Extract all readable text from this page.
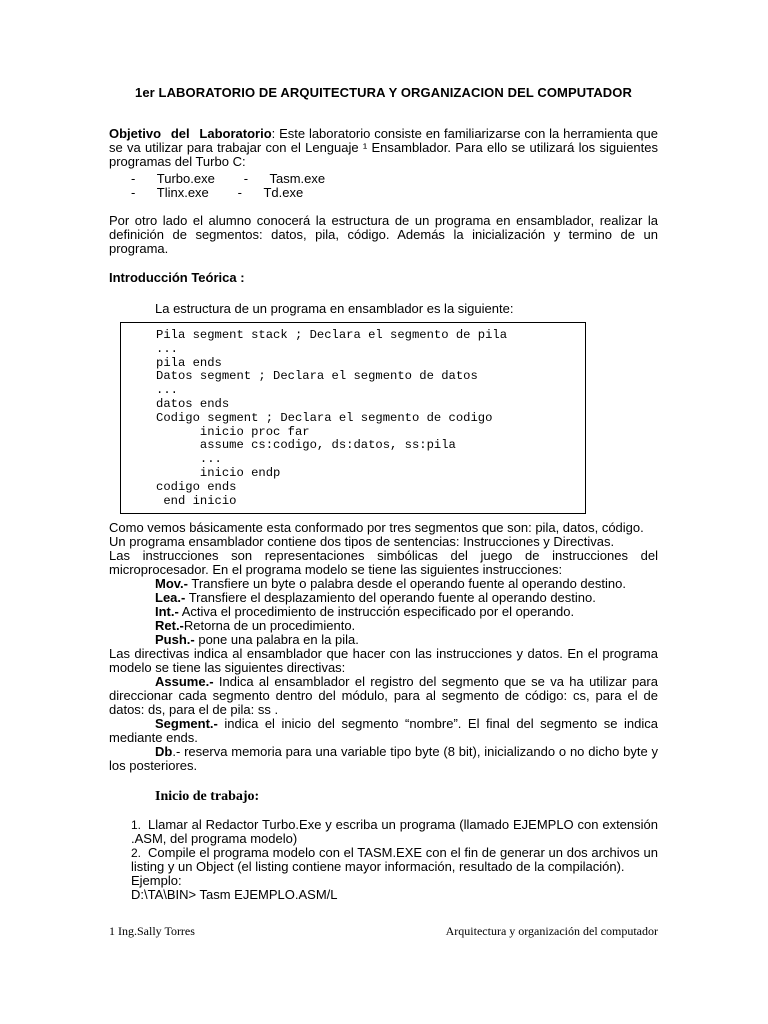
1er LABORATORIO DE ARQUITECTURA Y ORGANIZACION DEL COMPUTADOR

Objetivo del Laboratorio: Este laboratorio consiste en familiarizarse con la herramienta que se va utilizar para trabajar con el Lenguaje ¹ Ensamblador. Para ello se utilizará los siguientes programas del Turbo C:

-      Turbo.exe        -      Tasm.exe
-      Tlinx.exe        -      Td.exe

Por otro lado el alumno conocerá la estructura de un programa en ensamblador, realizar la definición de segmentos: datos, pila, código. Además la inicialización y termino de un programa.

Introducción Teórica :
La estructura de un programa en ensamblador es la siguiente:
Pila segment stack ; Declara el segmento de pila
...
pila ends
Datos segment ; Declara el segmento de datos
...
datos ends
Codigo segment ; Declara el segmento de codigo
inicio proc far
assume cs:codigo, ds:datos, ss:pila
...
inicio endp
codigo ends
end inicio

Como vemos básicamente esta conformado por tres segmentos que son: pila, datos, código.

Un programa ensamblador contiene dos tipos de sentencias: Instrucciones y Directivas.

Las instrucciones son representaciones simbólicas del juego de instrucciones del microprocesador. En el programa modelo se tiene las siguientes instrucciones:

Mov.- Transfiere un byte o palabra desde el operando fuente al operando destino.
Lea.- Transfiere el desplazamiento del operando fuente al operando destino.
Int.- Activa el procedimiento de instrucción especificado por el operando.
Ret.-Retorna de un procedimiento.
Push.- pone una palabra en la pila.

Las directivas indica al ensamblador que hacer con las instrucciones y datos. En el programa modelo se tiene las siguientes directivas:

Assume.- Indica al ensamblador el registro del segmento que se va ha utilizar para direccionar cada segmento dentro del módulo, para al segmento de código: cs, para el de datos: ds, para el de pila: ss .

Segment.- indica el inicio del segmento “nombre”. El final del segmento se indica mediante ends.

Db.- reserva memoria para una variable tipo byte (8 bit), inicializando o no dicho byte y los posteriores.

Inicio de trabajo:
1. Llamar al Redactor Turbo.Exe y escriba un programa (llamado EJEMPLO con extensión .ASM, del programa modelo)
2. Compile el programa modelo con el TASM.EXE con el fin de generar un dos archivos un listing y un Object (el listing contiene mayor información, resultado de la compilación).
Ejemplo:
D:\TA\BIN> Tasm EJEMPLO.ASM/L
1 Ing.Sally Torres	Arquitectura y organización del computador
